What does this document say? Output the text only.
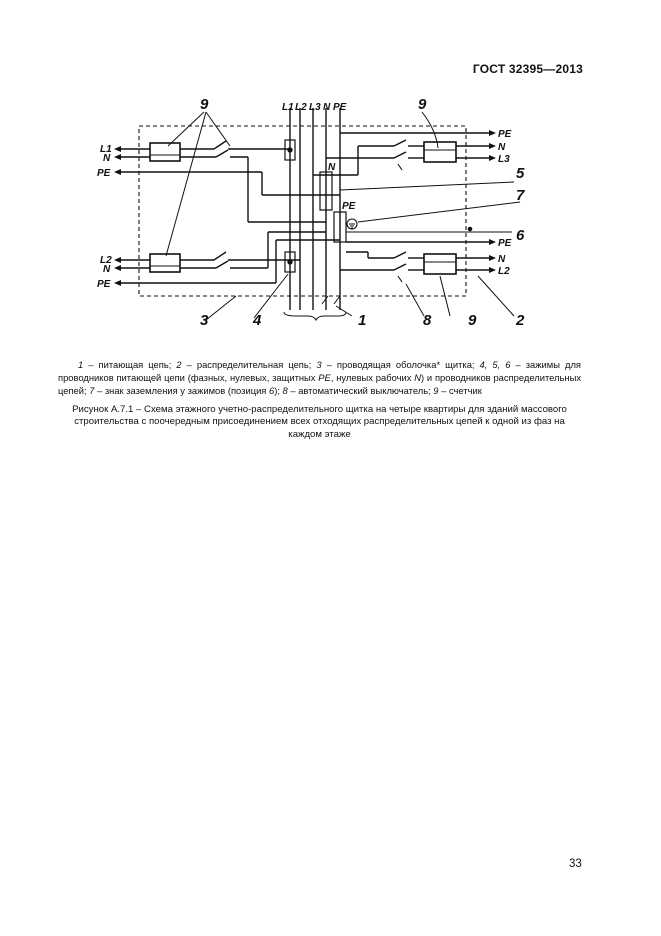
ГОСТ 32395—2013
L1 L2 L3 N PE
L1
N
PE
L2
N
PE
PE
N
L3
PE
N
L2
N
PE
9	9
5
7
6
3	4	1	8 9	2

1 – питающая цепь; 2 – распределительная цепь; 3 – проводящая оболочка* щитка; 4, 5, 6 – зажимы для проводников питающей цепи (фазных, нулевых, защитных PE, нулевых рабочих N) и проводников распределительных цепей; 7 – знак заземления у зажимов (позиция 6); 8 – автоматический выключатель; 9 – счетчик

Рисунок А.7.1 – Схема этажного учетно-распределительного щитка на четыре квартиры для зданий массового строительства с поочередным присоединением всех отходящих распределительных цепей к одной из фаз на каждом этаже

33
